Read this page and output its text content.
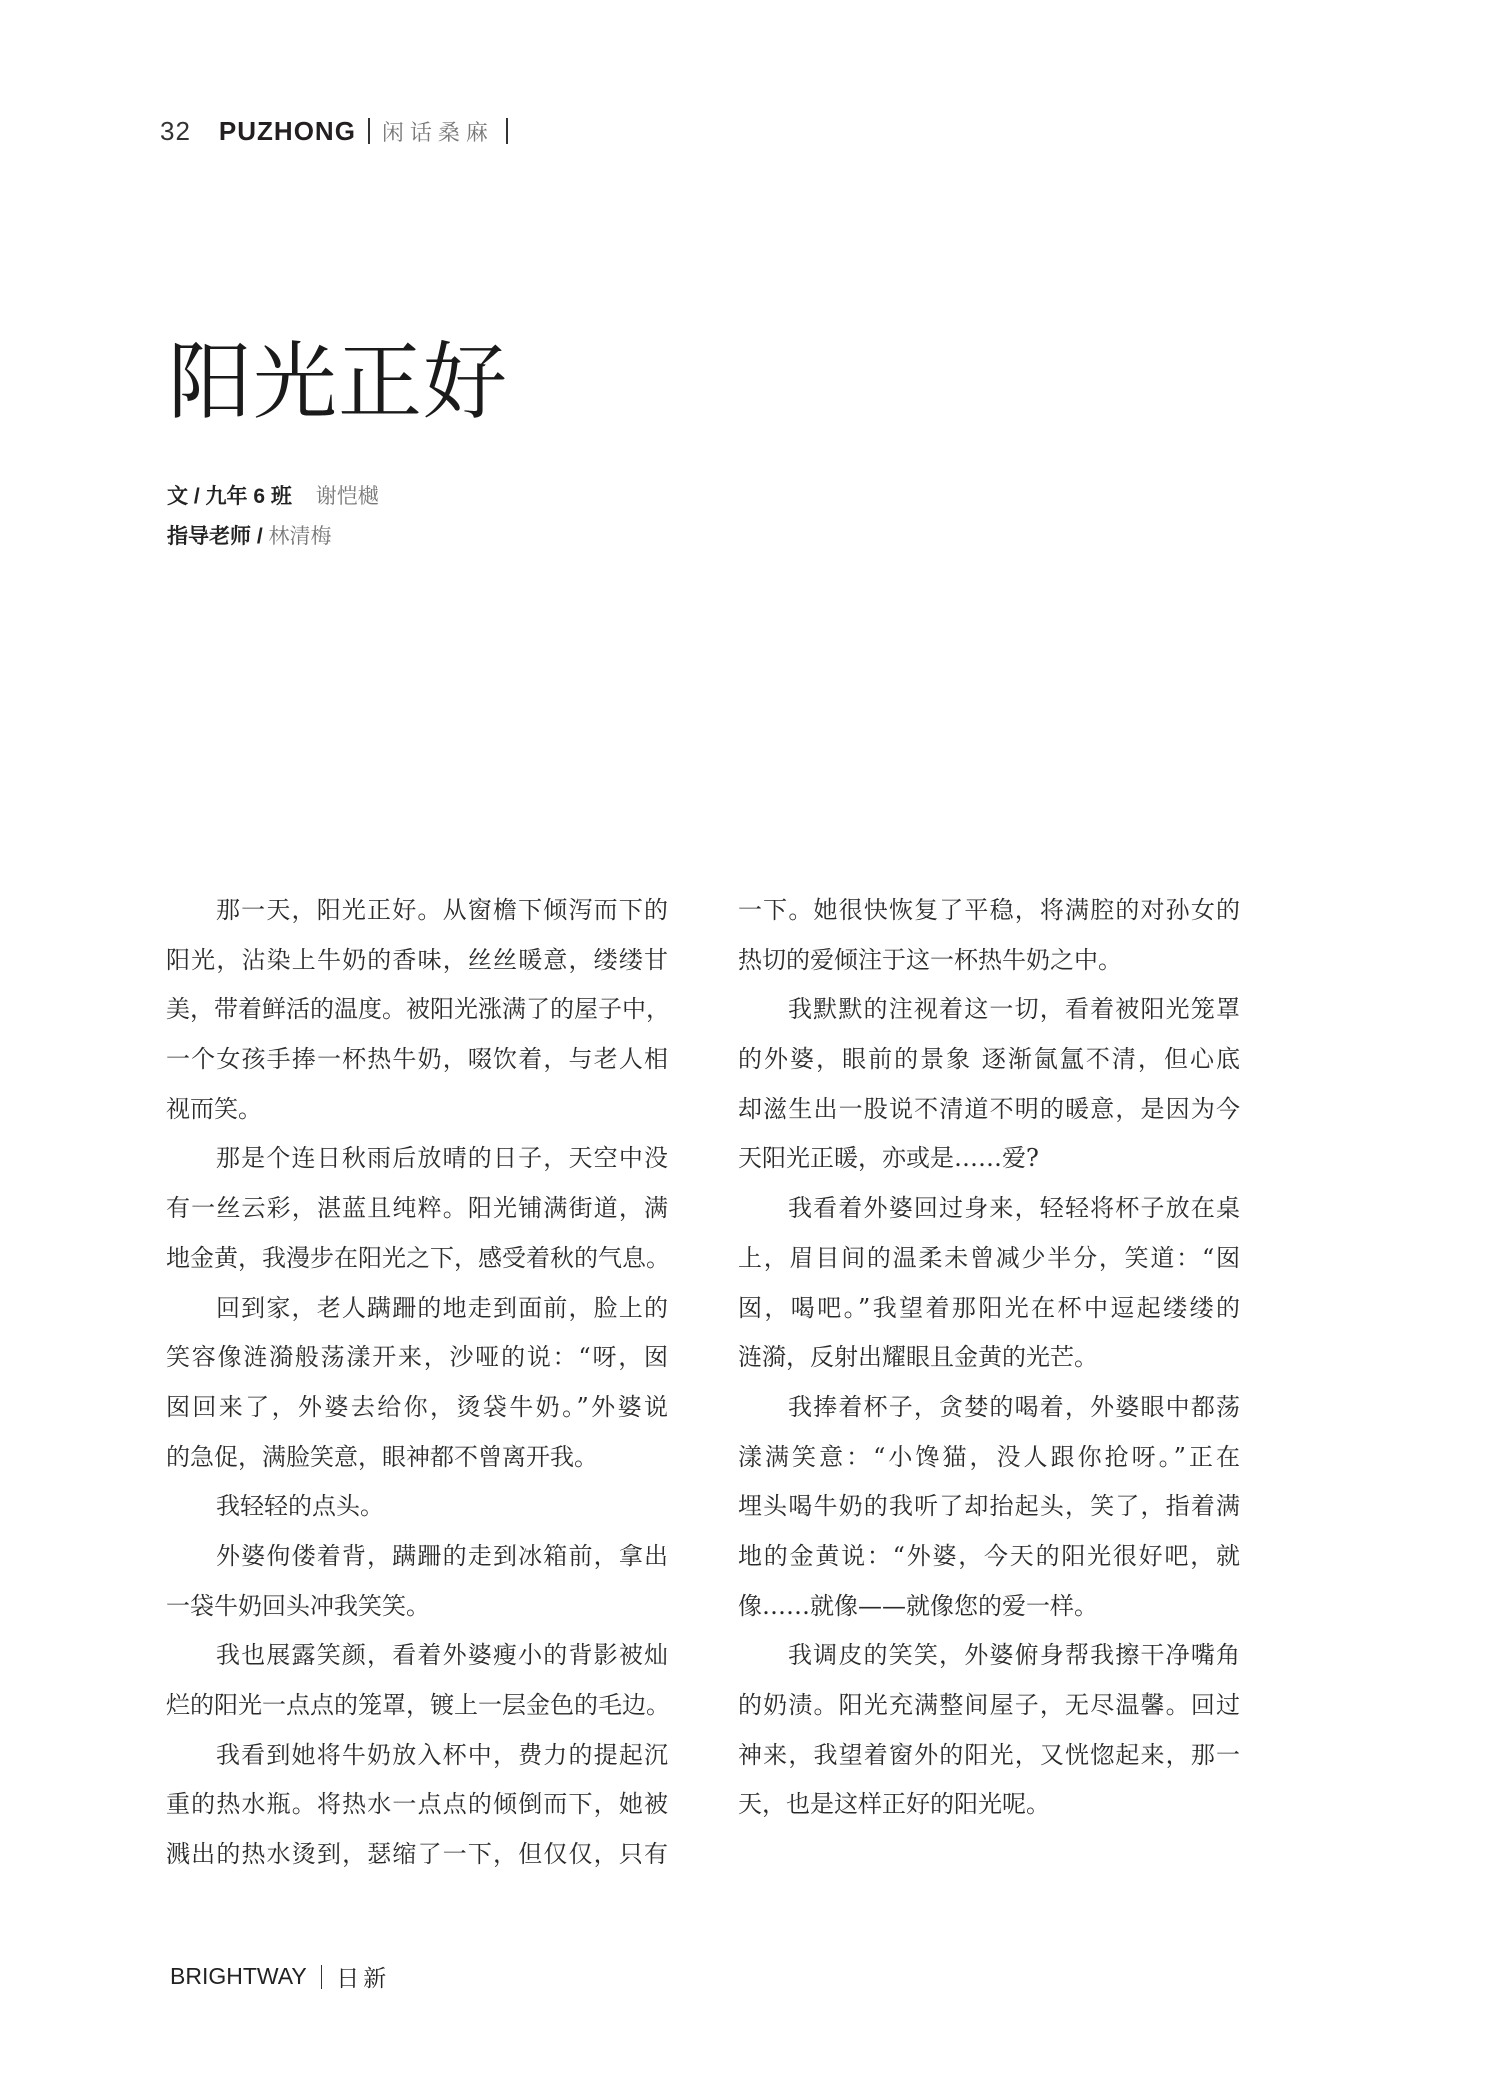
32 PUZHONG 闲话桑麻
阳光正好
文 / 九年 6 班 谢恺樾
指导老师 / 林清梅
那一天，阳光正好。从窗檐下倾泻而下的
阳光，沾染上牛奶的香味，丝丝暖意，缕缕甘
美，带着鲜活的温度。被阳光涨满了的屋子中，
一个女孩手捧一杯热牛奶，啜饮着，与老人相
视而笑。
那是个连日秋雨后放晴的日子，天空中没
有一丝云彩，湛蓝且纯粹。阳光铺满街道，满
地金黄，我漫步在阳光之下，感受着秋的气息。
回到家，老人蹒跚的地走到面前，脸上的
笑容像涟漪般荡漾开来，沙哑的说：“呀，囡
囡回来了，外婆去给你，烫袋牛奶。”外婆说
的急促，满脸笑意，眼神都不曾离开我。
我轻轻的点头。
外婆佝偻着背，蹒跚的走到冰箱前，拿出
一袋牛奶回头冲我笑笑。
我也展露笑颜，看着外婆瘦小的背影被灿
烂的阳光一点点的笼罩，镀上一层金色的毛边。
我看到她将牛奶放入杯中，费力的提起沉
重的热水瓶。将热水一点点的倾倒而下，她被
溅出的热水烫到，瑟缩了一下，但仅仅，只有
一下。她很快恢复了平稳，将满腔的对孙女的
热切的爱倾注于这一杯热牛奶之中。
我默默的注视着这一切，看着被阳光笼罩
的外婆，眼前的景象 逐渐氤氲不清，但心底
却滋生出一股说不清道不明的暖意，是因为今
天阳光正暖，亦或是……爱?
我看着外婆回过身来，轻轻将杯子放在桌
上，眉目间的温柔未曾减少半分，笑道：“囡
囡，喝吧。”我望着那阳光在杯中逗起缕缕的
涟漪，反射出耀眼且金黄的光芒。
我捧着杯子，贪婪的喝着，外婆眼中都荡
漾满笑意：“小馋猫，没人跟你抢呀。”正在
埋头喝牛奶的我听了却抬起头，笑了，指着满
地的金黄说：“外婆，今天的阳光很好吧，就
像……就像——就像您的爱一样。
我调皮的笑笑，外婆俯身帮我擦干净嘴角
的奶渍。阳光充满整间屋子，无尽温馨。回过
神来，我望着窗外的阳光，又恍惚起来，那一
天，也是这样正好的阳光呢。
BRIGHTWAY 日新
